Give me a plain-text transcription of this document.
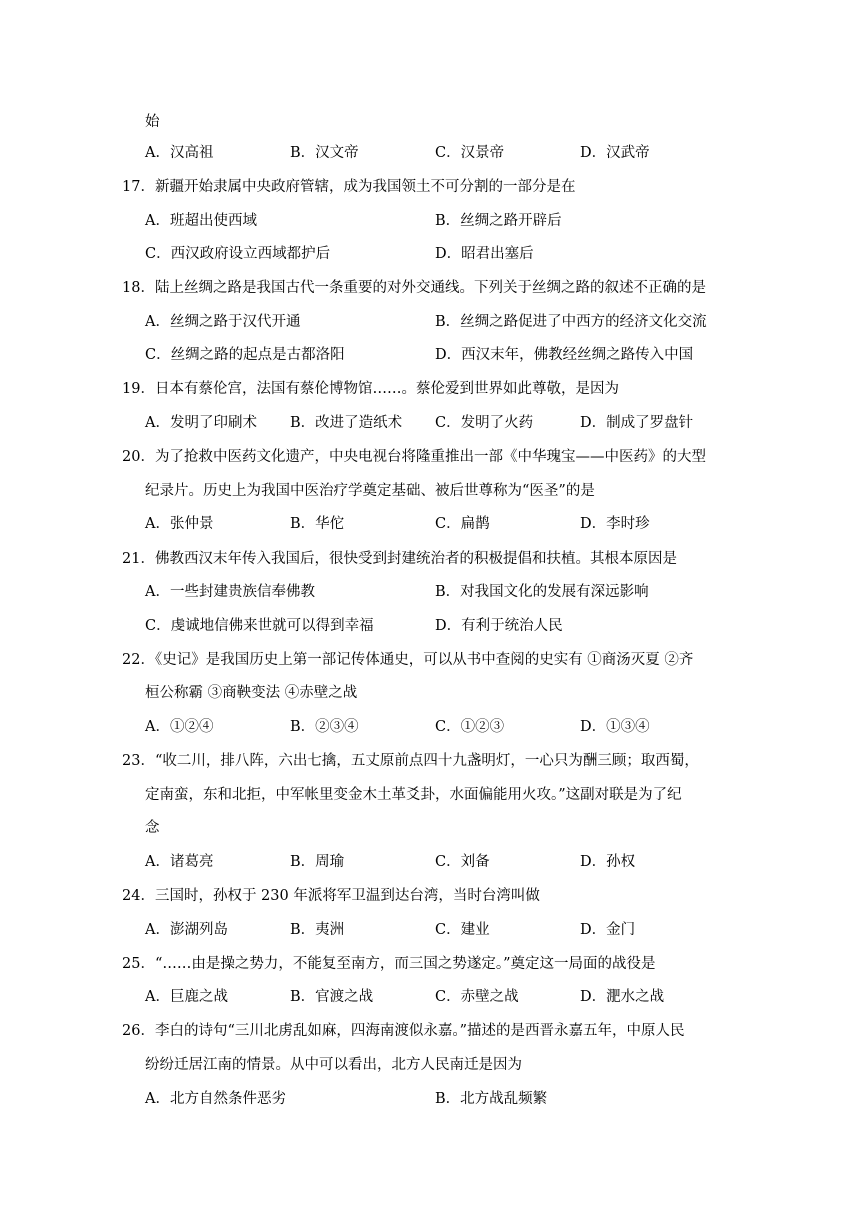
始
A．汉高祖	B．汉文帝	C．汉景帝	D．汉武帝
17．新疆开始隶属中央政府管辖，成为我国领土不可分割的一部分是在
A．班超出使西域	B．丝绸之路开辟后
C．西汉政府设立西域都护后	D．昭君出塞后
18．陆上丝绸之路是我国古代一条重要的对外交通线。下列关于丝绸之路的叙述不正确的是
A．丝绸之路于汉代开通	B．丝绸之路促进了中西方的经济文化交流
C．丝绸之路的起点是古都洛阳	D．西汉末年，佛教经丝绸之路传入中国
19．日本有蔡伦宫，法国有蔡伦博物馆……。蔡伦爱到世界如此尊敬，是因为
A．发明了印刷术 B．改进了造纸术 C．发明了火药	D．制成了罗盘针
20．为了抢救中医药文化遗产，中央电视台将隆重推出一部《中华瑰宝——中医药》的大型
纪录片。历史上为我国中医治疗学奠定基础、被后世尊称为“医圣”的是
A．张仲景	B．华佗	C．扁鹊	D．李时珍
21．佛教西汉末年传入我国后，很快受到封建统治者的积极提倡和扶植。其根本原因是
A．一些封建贵族信奉佛教	B．对我国文化的发展有深远影响
C．虔诚地信佛来世就可以得到幸福	D．有利于统治人民
22．《史记》是我国历史上第一部记传体通史，可以从书中查阅的史实有 ①商汤灭夏 ②齐
桓公称霸 ③商鞅变法 ④赤壁之战
A．①②④	B．②③④	C．①②③	D．①③④
23．“收二川，排八阵，六出七擒，五丈原前点四十九盏明灯，一心只为酬三顾；取西蜀，
定南蛮，东和北拒，中军帐里变金木土革爻卦，水面偏能用火攻。”这副对联是为了纪
念
A．诸葛亮	B．周瑜	C．刘备	D．孙权
24．三国时，孙权于 230 年派将军卫温到达台湾，当时台湾叫做
A．澎湖列岛	B．夷洲	C．建业	D．金门
25．“……由是操之势力，不能复至南方，而三国之势遂定。”奠定这一局面的战役是
A．巨鹿之战	B．官渡之战	C．赤壁之战	D．淝水之战
26．李白的诗句“三川北虏乱如麻，四海南渡似永嘉。”描述的是西晋永嘉五年，中原人民
纷纷迁居江南的情景。从中可以看出，北方人民南迁是因为
A．北方自然条件恶劣	B．北方战乱频繁
